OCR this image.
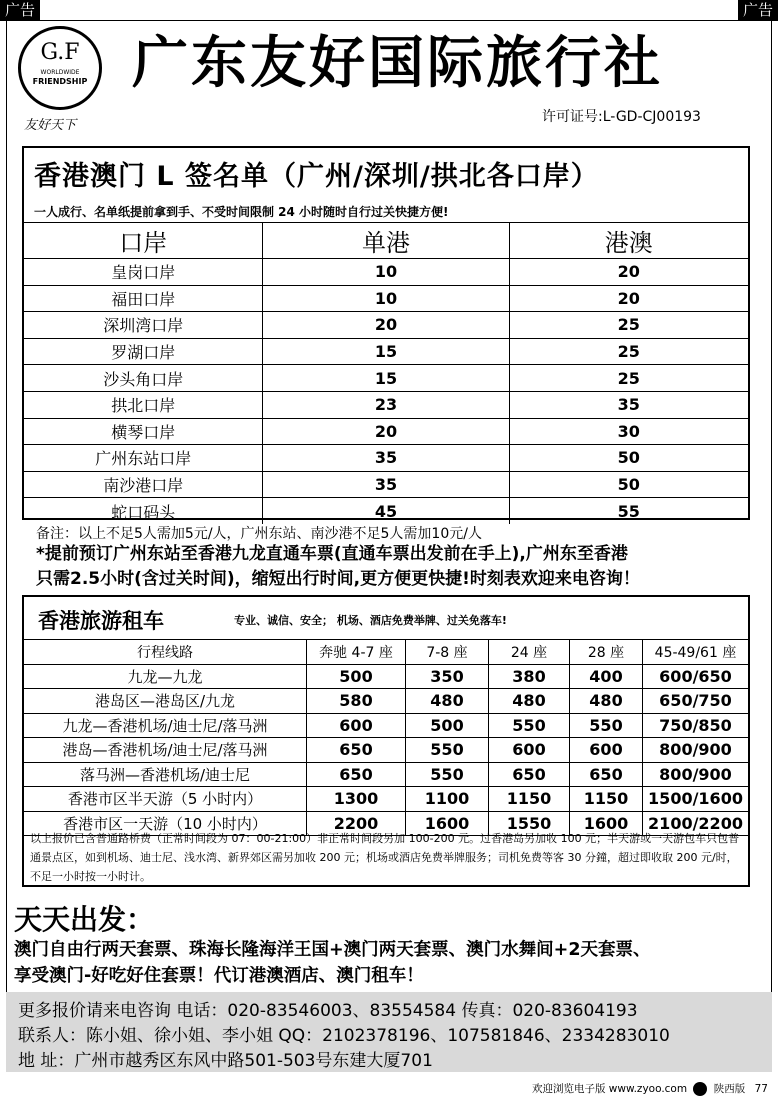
广告	广告
G.F
WORLDWIDE
FRIENDSHIP
友好天下
广东友好国际旅行社
许可证号:L-GD-CJ00193
香港澳门 L 签名单（广州/深圳/拱北各口岸）
一人成行、名单纸提前拿到手、不受时间限制 24 小时随时自行过关快捷方便!
口岸	单港	港澳
皇岗口岸	10	20
福田口岸	10	20
深圳湾口岸	20	25
罗湖口岸	15	25
沙头角口岸	15	25
拱北口岸	23	35
横琴口岸	20	30
广州东站口岸	35	50
南沙港口岸	35	50
蛇口码头	45	55
备注：以上不足5人需加5元/人，广州东站、南沙港不足5人需加10元/人
*提前预订广州东站至香港九龙直通车票(直通车票出发前在手上),广州东至香港
只需2.5小时(含过关时间)，缩短出行时间,更方便更快捷!时刻表欢迎来电咨询！
香港旅游租车	专业、诚信、安全； 机场、酒店免费举牌、过关免落车!
行程线路	奔驰 4-7 座	7-8 座	24 座	28 座	45-49/61 座
九龙—九龙	500	350	380	400	600/650
港岛区—港岛区/九龙	580	480	480	480	650/750
九龙—香港机场/迪士尼/落马洲	600	500	550	550	750/850
港岛—香港机场/迪士尼/落马洲	650	550	600	600	800/900
落马洲—香港机场/迪士尼	650	550	650	650	800/900
香港市区半天游（5 小时内）	1300	1100	1150	1150	1500/1600
香港市区一天游（10 小时内）	2200	1600	1550	1600	2100/2200
以上报价已含普通路桥费（正常时间段为 07：00-21:00）非正常时间段另加 100-200 元。过香港岛另加收 100 元；半天游或一天游包车只包普通景点区，如到机场、迪士尼、浅水湾、新界郊区需另加收 200 元；机场或酒店免费举牌服务；司机免费等客 30 分鐘，超过即收取 200 元/时，不足一小时按一小时计。
天天出发：
澳门自由行两天套票、珠海长隆海洋王国+澳门两天套票、澳门水舞间+2天套票、
享受澳门-好吃好住套票！代订港澳酒店、澳门租车！
更多报价请来电咨询 电话：020-83546003、83554584 传真：020-83604193
联系人：陈小姐、徐小姐、李小姐 QQ：2102378196、107581846、2334283010
地 址：广州市越秀区东风中路501-503号东建大厦701
欢迎浏览电子版 www.zyoo.com	陕西版 77
